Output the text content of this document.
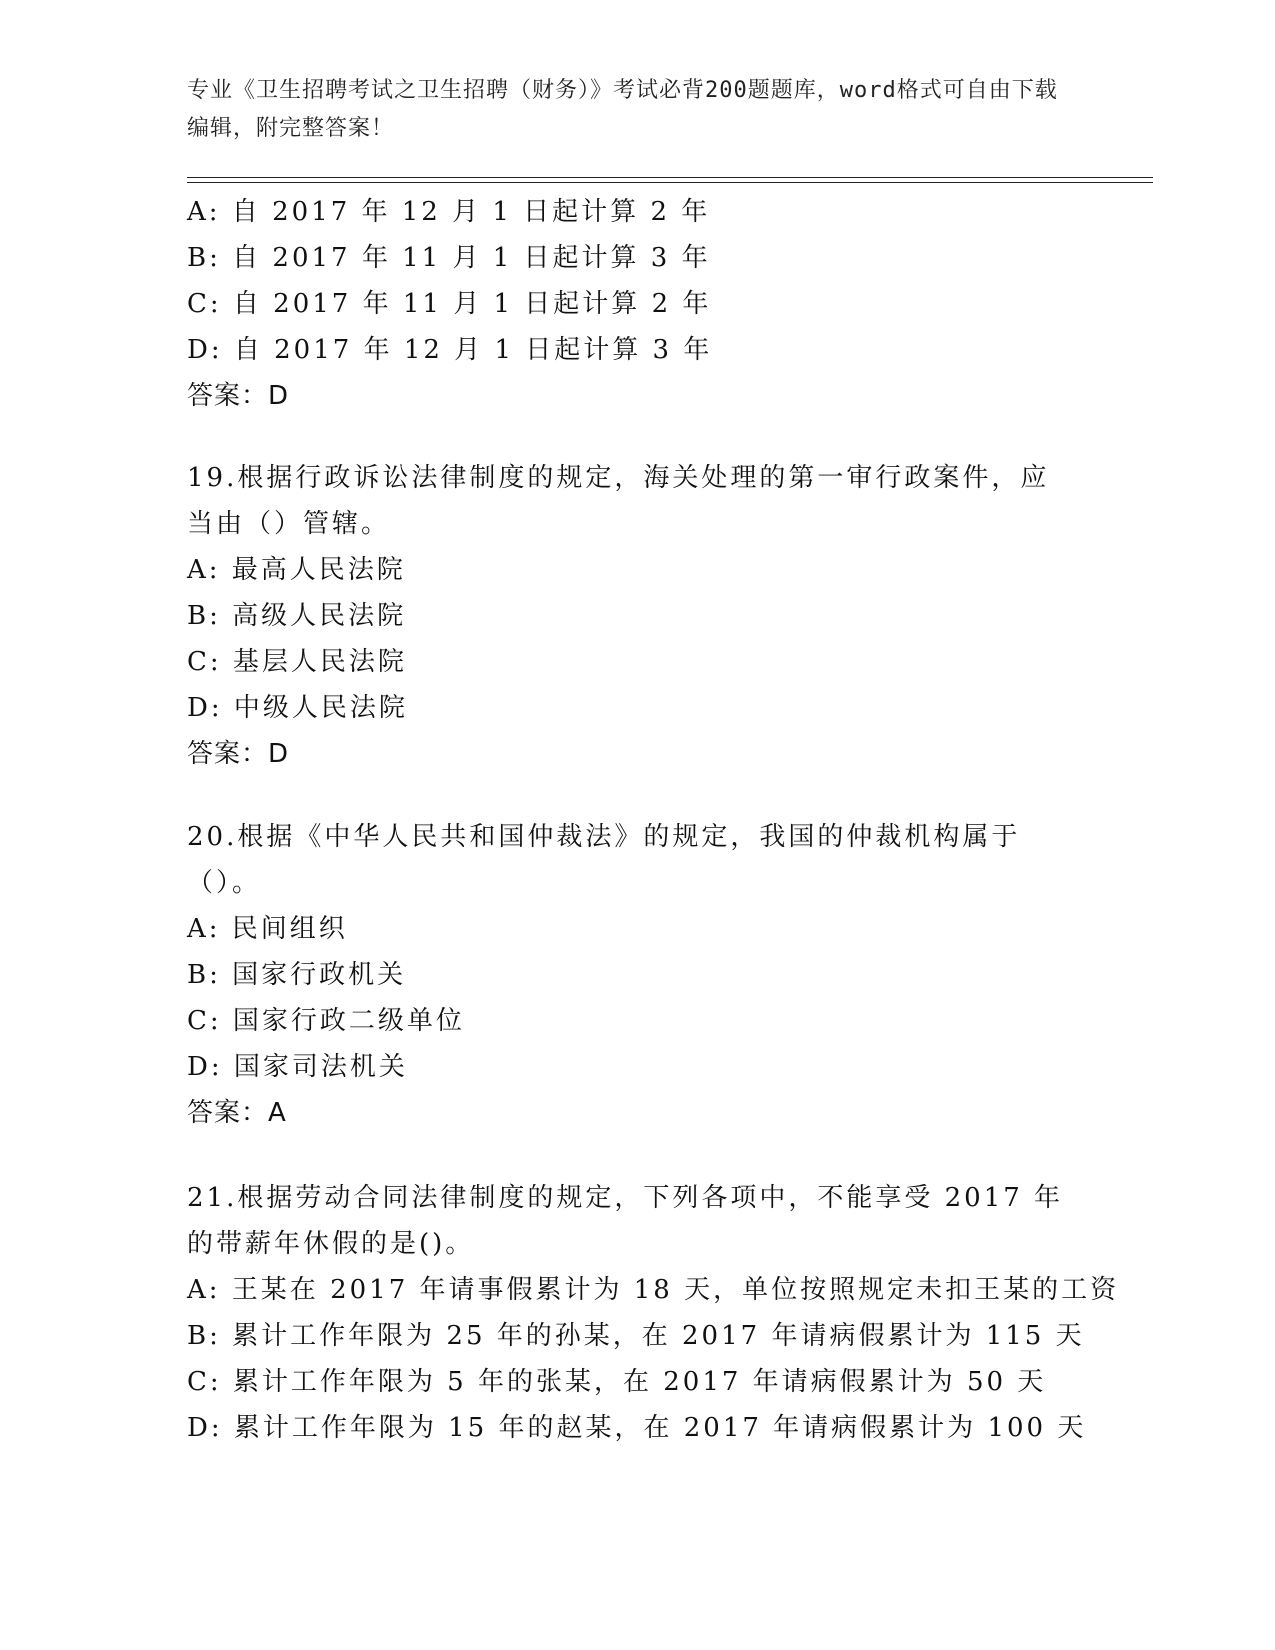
专业《卫生招聘考试之卫生招聘（财务）》考试必背200题题库，word格式可自由下载编辑，附完整答案！
A: 自 2017 年 12 月 1 日起计算 2 年
B: 自 2017 年 11 月 1 日起计算 3 年
C: 自 2017 年 11 月 1 日起计算 2 年
D: 自 2017 年 12 月 1 日起计算 3 年
答案：D
19.根据行政诉讼法律制度的规定，海关处理的第一审行政案件，应当由（）管辖。
A: 最高人民法院
B: 高级人民法院
C: 基层人民法院
D: 中级人民法院
答案：D
20.根据《中华人民共和国仲裁法》的规定，我国的仲裁机构属于（）。
A: 民间组织
B: 国家行政机关
C: 国家行政二级单位
D: 国家司法机关
答案：A
21.根据劳动合同法律制度的规定，下列各项中，不能享受 2017 年的带薪年休假的是()。
A: 王某在 2017 年请事假累计为 18 天，单位按照规定未扣王某的工资
B: 累计工作年限为 25 年的孙某，在 2017 年请病假累计为 115 天
C: 累计工作年限为 5 年的张某，在 2017 年请病假累计为 50 天
D: 累计工作年限为 15 年的赵某，在 2017 年请病假累计为 100 天
